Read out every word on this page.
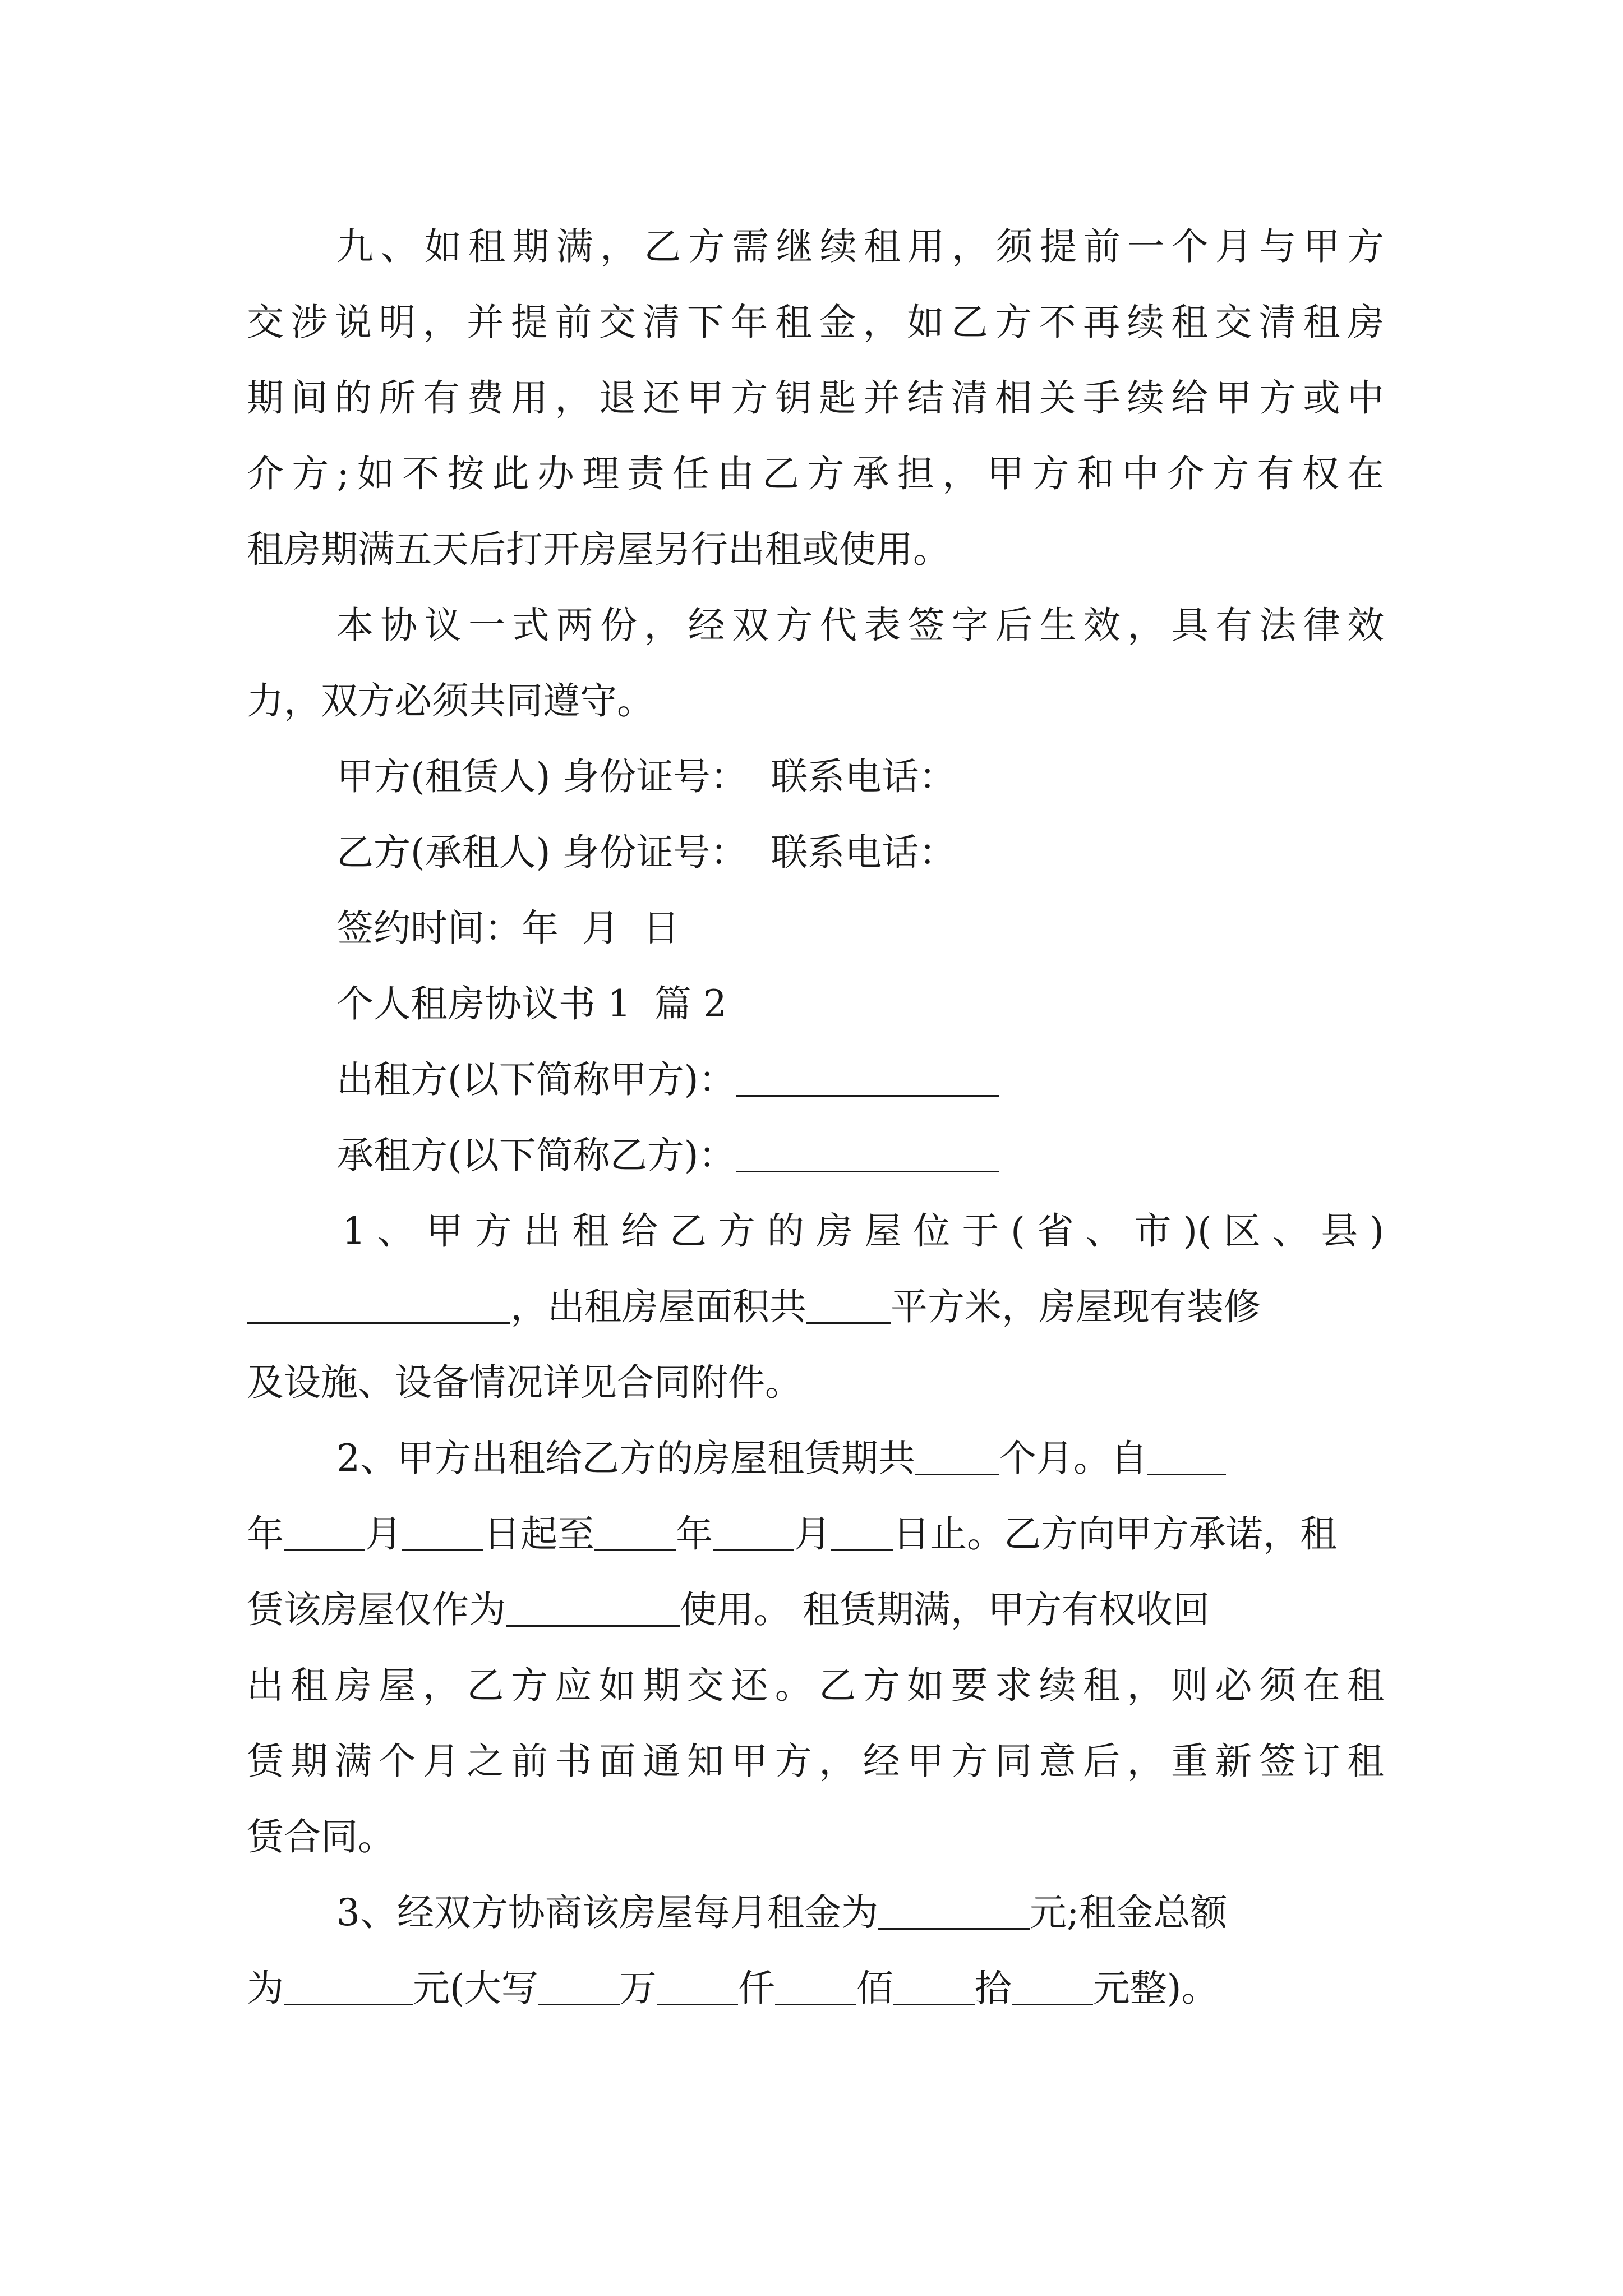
九、如租期满，乙方需继续租用，须提前一个月与甲方

交涉说明，并提前交清下年租金，如乙方不再续租交清租房

期间的所有费用，退还甲方钥匙并结清相关手续给甲方或中

介方;如不按此办理责任由乙方承担，甲方和中介方有权在

租房期满五天后打开房屋另行出租或使用。

本协议一式两份，经双方代表签字后生效，具有法律效

力，双方必须共同遵守。

甲方(租赁人) 身份证号：  联系电话：

乙方(承租人) 身份证号：  联系电话：

签约时间：年  月  日

个人租房协议书 1  篇 2

出租方(以下简称甲方)：

承租方(以下简称乙方)：

1、甲方出租给乙方的房屋位于(省、市)(区、县)

，出租房屋面积共 平方米，房屋现有装修

及设施、设备情况详见合同附件。

2、甲方出租给乙方的房屋租赁期共 个月。自

年 月 日起至 年 月 日止。乙方向甲方承诺，租

赁该房屋仅作为	使用。 租赁期满，甲方有权收回

出租房屋，乙方应如期交还。乙方如要求续租，则必须在租

赁期满个月之前书面通知甲方，经甲方同意后，重新签订租

赁合同。

3、经双方协商该房屋每月租金为	元;租金总额

为	元(大写 万 仟 佰 拾 元整)。
